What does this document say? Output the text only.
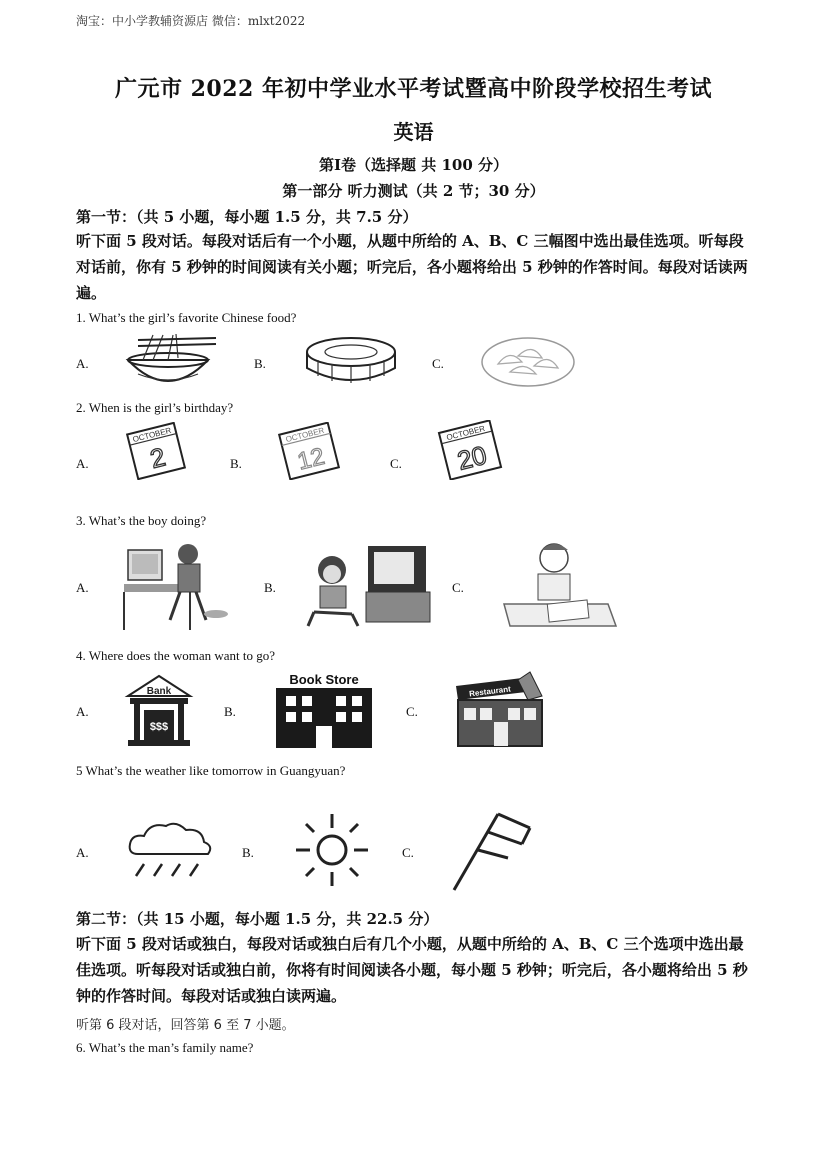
淘宝：中小学教辅资源店 微信：mlxt2022
广元市 2022 年初中学业水平考试暨高中阶段学校招生考试
英语
第Ⅰ卷（选择题 共 100 分）
第一部分 听力测试（共 2 节；30 分）
第一节：（共 5 小题，每小题 1.5 分，共 7.5 分）
听下面 5 段对话。每段对话后有一个小题，从题中所给的 A、B、C 三幅图中选出最佳选项。听每段对话前，你有 5 秒钟的时间阅读有关小题；听完后，各小题将给出 5 秒钟的作答时间。每段对话读两遍。
1. What’s the girl’s favorite Chinese food?
A.	B.	C.
2. When is the girl’s birthday?
A.
OCTOBER
2	B.
OCTOBER
12	C.
OCTOBER
20
3. What’s the boy doing?
A.	B.	C.
4. Where does the woman want to go?
A.
Bank
$$$
B.
Book Store
C.
Restaurant
5 What’s the weather like tomorrow in Guangyuan?
A.	B.	C.
第二节：（共 15 小题，每小题 1.5 分，共 22.5 分）
听下面 5 段对话或独白，每段对话或独白后有几个小题，从题中所给的 A、B、C 三个选项中选出最佳选项。听每段对话或独白前，你将有时间阅读各小题，每小题 5 秒钟；听完后，各小题将给出 5 秒钟的作答时间。每段对话或独白读两遍。
听第 6 段对话，回答第 6 至 7 小题。
6. What’s the man’s family name?
